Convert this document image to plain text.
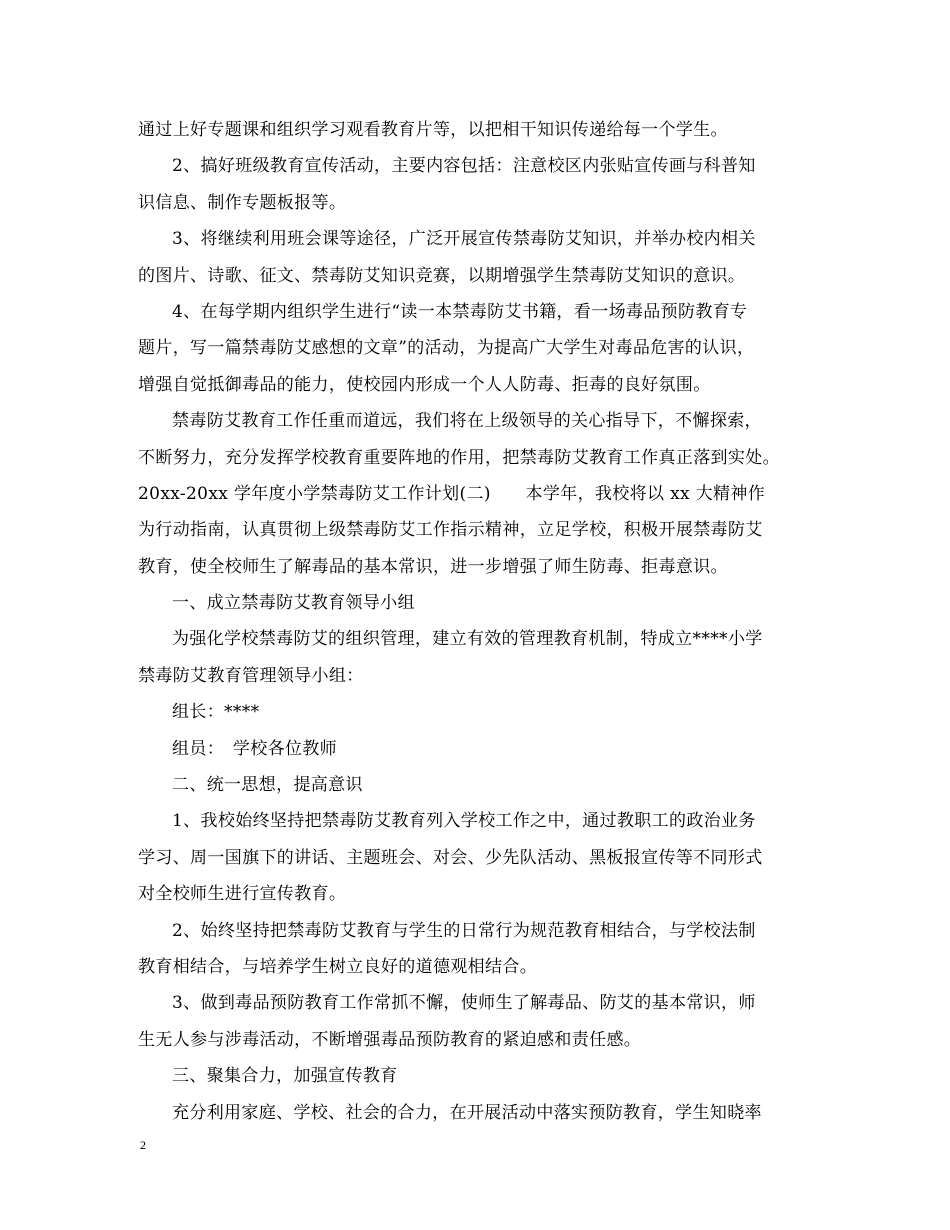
通过上好专题课和组织学习观看教育片等，以把相干知识传递给每一个学生。
2、搞好班级教育宣传活动，主要内容包括：注意校区内张贴宣传画与科普知
识信息、制作专题板报等。
3、将继续利用班会课等途径，广泛开展宣传禁毒防艾知识，并举办校内相关
的图片、诗歌、征文、禁毒防艾知识竞赛，以期增强学生禁毒防艾知识的意识。
4、在每学期内组织学生进行“读一本禁毒防艾书籍，看一场毒品预防教育专
题片，写一篇禁毒防艾感想的文章”的活动，为提高广大学生对毒品危害的认识，
增强自觉抵御毒品的能力，使校园内形成一个人人防毒、拒毒的良好氛围。
禁毒防艾教育工作任重而道远，我们将在上级领导的关心指导下，不懈探索，
不断努力，充分发挥学校教育重要阵地的作用，把禁毒防艾教育工作真正落到实处。
20xx-20xx 学年度小学禁毒防艾工作计划(二)　　本学年，我校将以 xx 大精神作
为行动指南，认真贯彻上级禁毒防艾工作指示精神，立足学校，积极开展禁毒防艾
教育，使全校师生了解毒品的基本常识，进一步增强了师生防毒、拒毒意识。
一、成立禁毒防艾教育领导小组
为强化学校禁毒防艾的组织管理，建立有效的管理教育机制，特成立****小学
禁毒防艾教育管理领导小组：
组长：****
组员：　学校各位教师
二、统一思想，提高意识
1、我校始终坚持把禁毒防艾教育列入学校工作之中，通过教职工的政治业务
学习、周一国旗下的讲话、主题班会、对会、少先队活动、黑板报宣传等不同形式
对全校师生进行宣传教育。
2、始终坚持把禁毒防艾教育与学生的日常行为规范教育相结合，与学校法制
教育相结合，与培养学生树立良好的道德观相结合。
3、做到毒品预防教育工作常抓不懈，使师生了解毒品、防艾的基本常识，师
生无人参与涉毒活动，不断增强毒品预防教育的紧迫感和责任感。
三、聚集合力，加强宣传教育
充分利用家庭、学校、社会的合力，在开展活动中落实预防教育，学生知晓率
2
